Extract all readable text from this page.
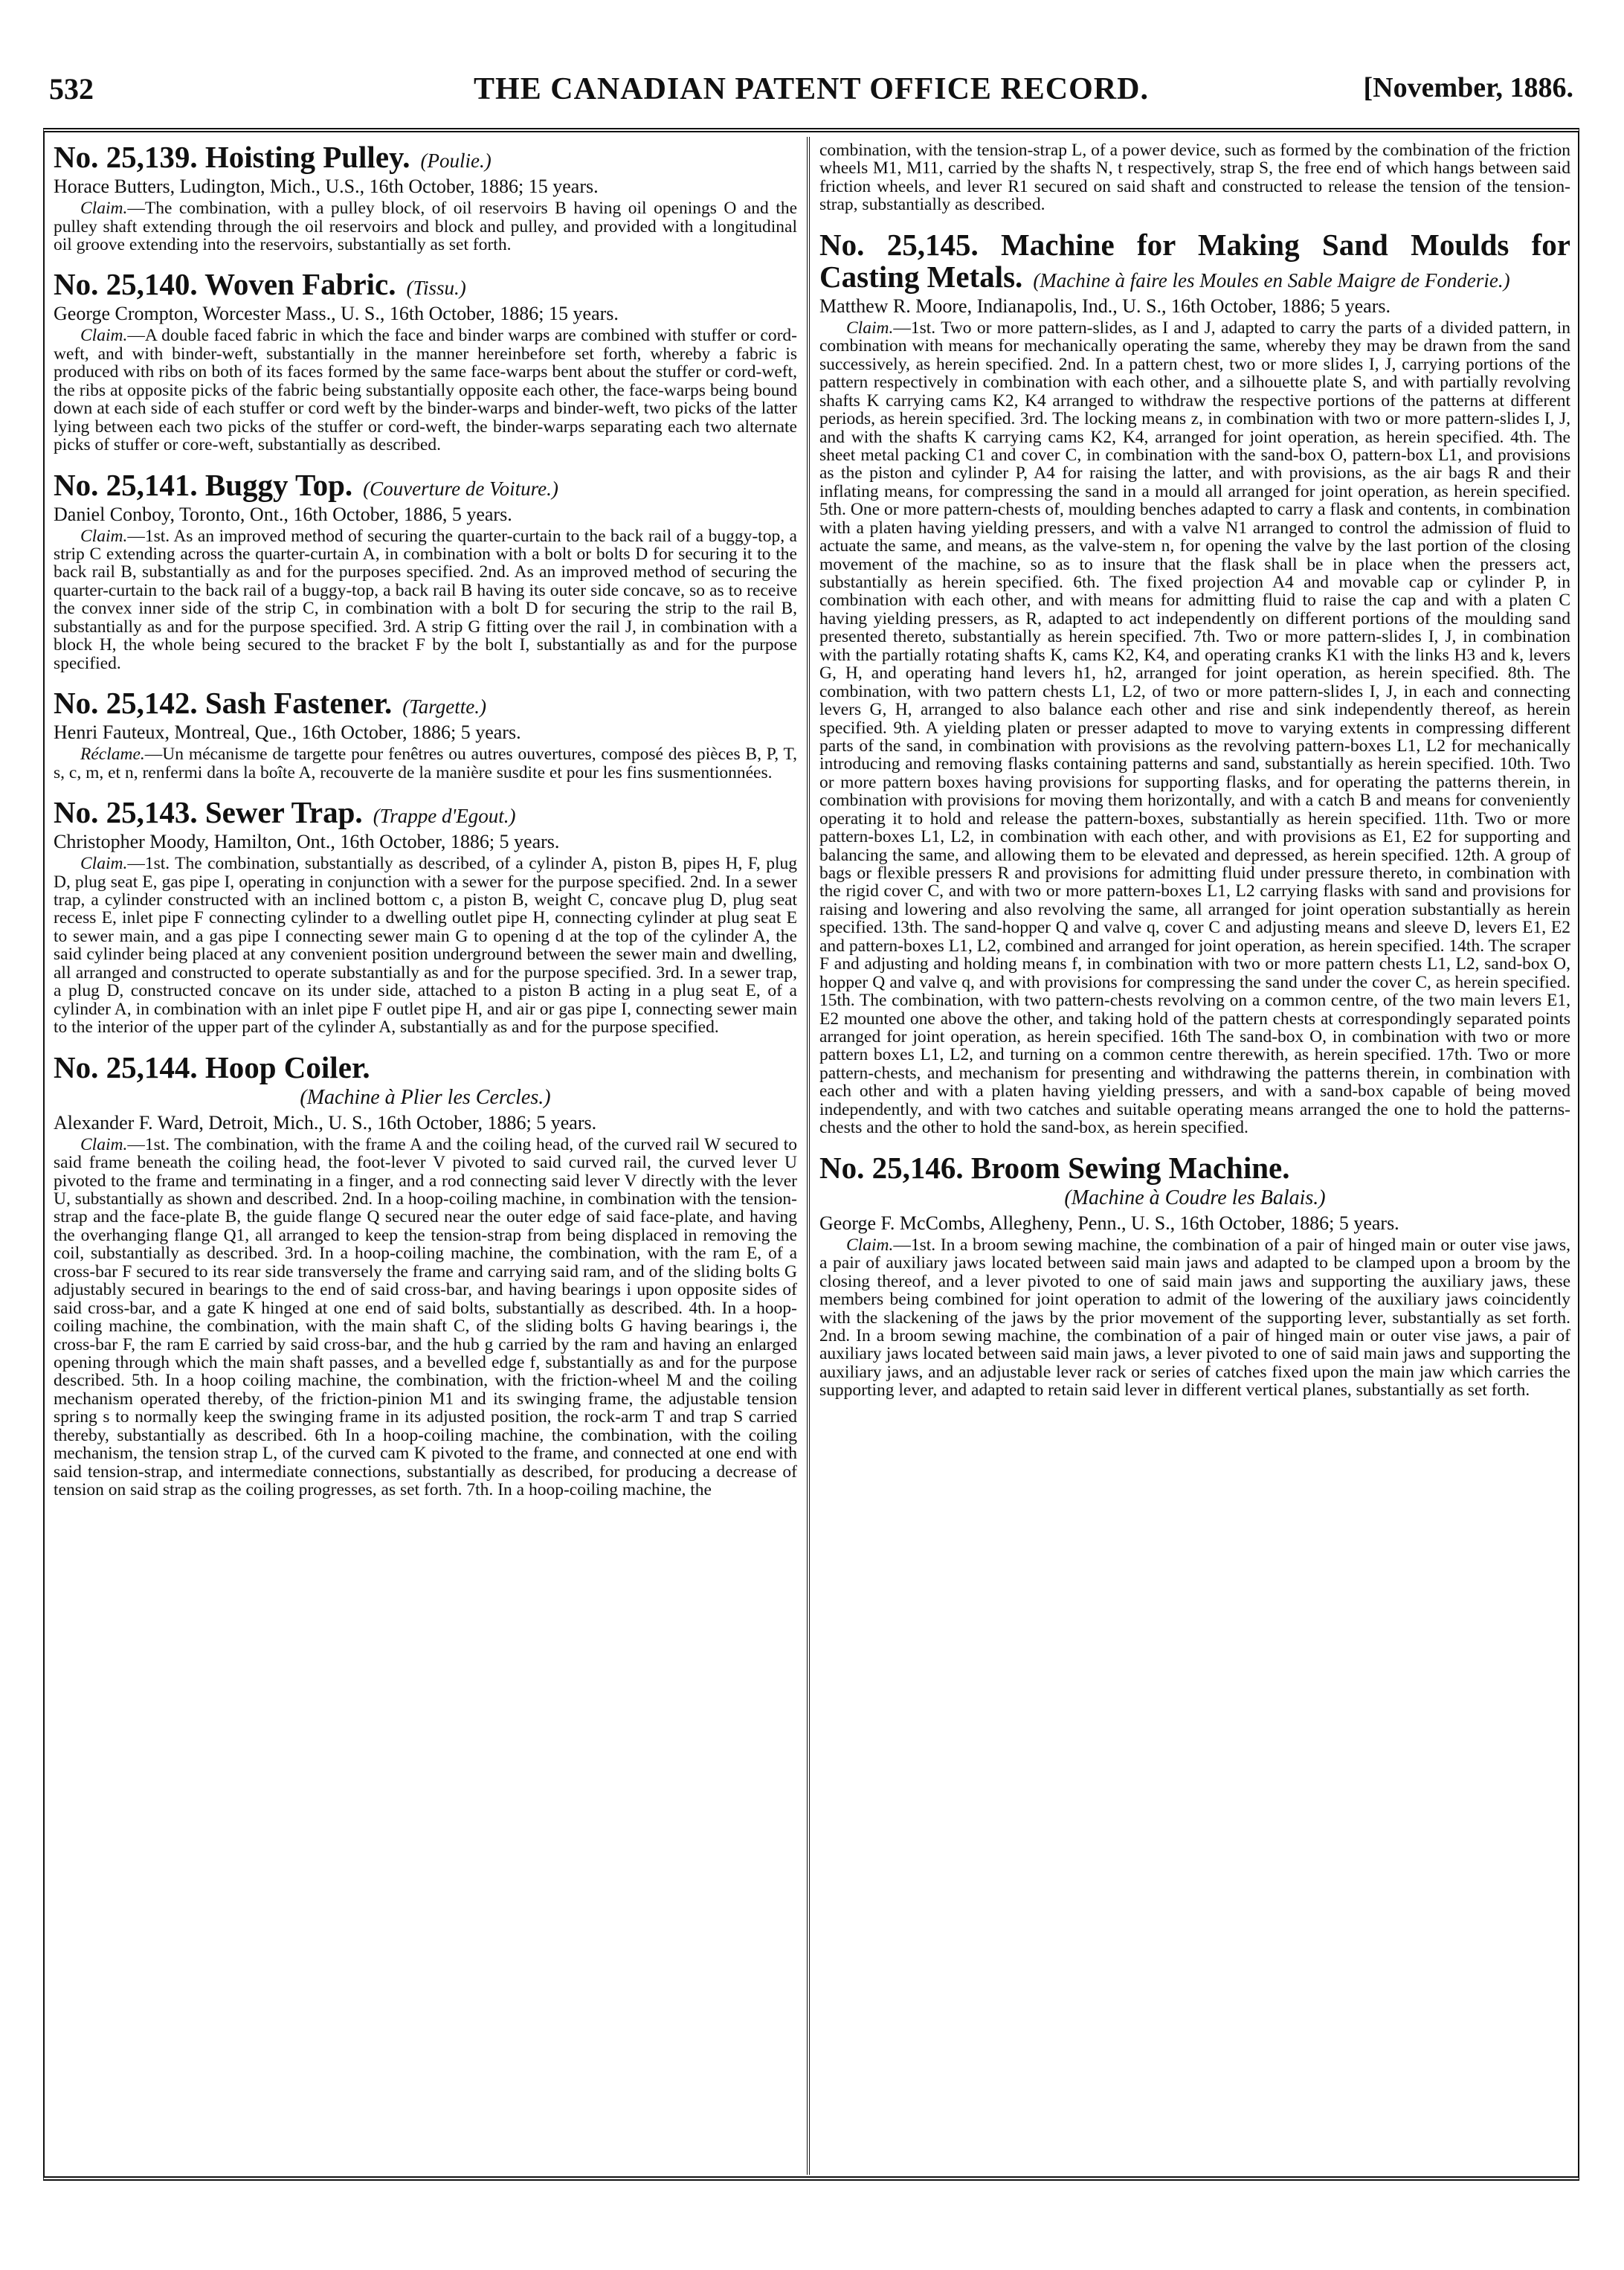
532	THE CANADIAN PATENT OFFICE RECORD.	[November, 1886.
No. 25,139. Hoisting Pulley. (Poulie.)
Horace Butters, Ludington, Mich., U.S., 16th October, 1886; 15 years.
Claim.—The combination, with a pulley block, of oil reservoirs B having oil openings O and the pulley shaft extending through the oil reservoirs and block and pulley, and provided with a longitudinal oil groove extending into the reservoirs, substantially as set forth.
No. 25,140. Woven Fabric. (Tissu.)
George Crompton, Worcester Mass., U. S., 16th October, 1886; 15 years.
Claim.—A double faced fabric in which the face and binder warps are combined with stuffer or cord-weft, and with binder-weft, substantially in the manner hereinbefore set forth, whereby a fabric is produced with ribs on both of its faces formed by the same face-warps bent about the stuffer or cord-weft, the ribs at opposite picks of the fabric being substantially opposite each other, the face-warps being bound down at each side of each stuffer or cord weft by the binder-warps and binder-weft, two picks of the latter lying between each two picks of the stuffer or cord-weft, the binder-warps separating each two alternate picks of stuffer or core-weft, substantially as described.
No. 25,141. Buggy Top. (Couverture de Voiture.)
Daniel Conboy, Toronto, Ont., 16th October, 1886, 5 years.
Claim.—1st. As an improved method of securing the quarter-curtain to the back rail of a buggy-top, a strip C extending across the quarter-curtain A, in combination with a bolt or bolts D for securing it to the back rail B, substantially as and for the purposes specified. 2nd. As an improved method of securing the quarter-curtain to the back rail of a buggy-top, a back rail B having its outer side concave, so as to receive the convex inner side of the strip C, in combination with a bolt D for securing the strip to the rail B, substantially as and for the purpose specified. 3rd. A strip G fitting over the rail J, in combination with a block H, the whole being secured to the bracket F by the bolt I, substantially as and for the purpose specified.
No. 25,142. Sash Fastener. (Targette.)
Henri Fauteux, Montreal, Que., 16th October, 1886; 5 years.
Réclame.—Un mécanisme de targette pour fenêtres ou autres ouvertures, composé des pièces B, P, T, s, c, m, et n, renfermi dans la boîte A, recouverte de la manière susdite et pour les fins susmentionnées.
No. 25,143. Sewer Trap. (Trappe d'Egout.)
Christopher Moody, Hamilton, Ont., 16th October, 1886; 5 years.
Claim.—1st. The combination, substantially as described, of a cylinder A, piston B, pipes H, F, plug D, plug seat E, gas pipe I, operating in conjunction with a sewer for the purpose specified. 2nd. In a sewer trap, a cylinder constructed with an inclined bottom c, a piston B, weight C, concave plug D, plug seat recess E, inlet pipe F connecting cylinder to a dwelling outlet pipe H, connecting cylinder at plug seat E to sewer main, and a gas pipe I connecting sewer main G to opening d at the top of the cylinder A, the said cylinder being placed at any convenient position underground between the sewer main and dwelling, all arranged and constructed to operate substantially as and for the purpose specified. 3rd. In a sewer trap, a plug D, constructed concave on its under side, attached to a piston B acting in a plug seat E, of a cylinder A, in combination with an inlet pipe F outlet pipe H, and air or gas pipe I, connecting sewer main to the interior of the upper part of the cylinder A, substantially as and for the purpose specified.
No. 25,144. Hoop Coiler.
(Machine à Plier les Cercles.)
Alexander F. Ward, Detroit, Mich., U. S., 16th October, 1886; 5 years.
Claim.—1st. The combination, with the frame A and the coiling head, of the curved rail W secured to said frame beneath the coiling head, the foot-lever V pivoted to said curved rail, the curved lever U pivoted to the frame and terminating in a finger, and a rod connecting said lever V directly with the lever U, substantially as shown and described. 2nd. In a hoop-coiling machine, in combination with the tension-strap and the face-plate B, the guide flange Q secured near the outer edge of said face-plate, and having the overhanging flange Q1, all arranged to keep the tension-strap from being displaced in removing the coil, substantially as described. 3rd. In a hoop-coiling machine, the combination, with the ram E, of a cross-bar F secured to its rear side transversely the frame and carrying said ram, and of the sliding bolts G adjustably secured in bearings to the end of said cross-bar, and having bearings i upon opposite sides of said cross-bar, and a gate K hinged at one end of said bolts, substantially as described. 4th. In a hoop-coiling machine, the combination, with the main shaft C, of the sliding bolts G having bearings i, the cross-bar F, the ram E carried by said cross-bar, and the hub g carried by the ram and having an enlarged opening through which the main shaft passes, and a bevelled edge f, substantially as and for the purpose described. 5th. In a hoop coiling machine, the combination, with the friction-wheel M and the coiling mechanism operated thereby, of the friction-pinion M1 and its swinging frame, the adjustable tension spring s to normally keep the swinging frame in its adjusted position, the rock-arm T and trap S carried thereby, substantially as described. 6th In a hoop-coiling machine, the combination, with the coiling mechanism, the tension strap L, of the curved cam K pivoted to the frame, and connected at one end with said tension-strap, and intermediate connections, substantially as described, for producing a decrease of tension on said strap as the coiling progresses, as set forth. 7th. In a hoop-coiling machine, the
combination, with the tension-strap L, of a power device, such as formed by the combination of the friction wheels M1, M11, carried by the shafts N, t respectively, strap S, the free end of which hangs between said friction wheels, and lever R1 secured on said shaft and constructed to release the tension of the tension-strap, substantially as described.
No. 25,145. Machine for Making Sand Moulds for Casting Metals. (Machine à faire les Moules en Sable Maigre de Fonderie.)
Matthew R. Moore, Indianapolis, Ind., U. S., 16th October, 1886; 5 years.
Claim.—1st. Two or more pattern-slides, as I and J, adapted to carry the parts of a divided pattern, in combination with means for mechanically operating the same, whereby they may be drawn from the sand successively, as herein specified. 2nd. In a pattern chest, two or more slides I, J, carrying portions of the pattern respectively in combination with each other, and a silhouette plate S, and with partially revolving shafts K carrying cams K2, K4 arranged to withdraw the respective portions of the patterns at different periods, as herein specified. 3rd. The locking means z, in combination with two or more pattern-slides I, J, and with the shafts K carrying cams K2, K4, arranged for joint operation, as herein specified. 4th. The sheet metal packing C1 and cover C, in combination with the sand-box O, pattern-box L1, and provisions as the piston and cylinder P, A4 for raising the latter, and with provisions, as the air bags R and their inflating means, for compressing the sand in a mould all arranged for joint operation, as herein specified. 5th. One or more pattern-chests of, moulding benches adapted to carry a flask and contents, in combination with a platen having yielding pressers, and with a valve N1 arranged to control the admission of fluid to actuate the same, and means, as the valve-stem n, for opening the valve by the last portion of the closing movement of the machine, so as to insure that the flask shall be in place when the pressers act, substantially as herein specified. 6th. The fixed projection A4 and movable cap or cylinder P, in combination with each other, and with means for admitting fluid to raise the cap and with a platen C having yielding pressers, as R, adapted to act independently on different portions of the moulding sand presented thereto, substantially as herein specified. 7th. Two or more pattern-slides I, J, in combination with the partially rotating shafts K, cams K2, K4, and operating cranks K1 with the links H3 and k, levers G, H, and operating hand levers h1, h2, arranged for joint operation, as herein specified. 8th. The combination, with two pattern chests L1, L2, of two or more pattern-slides I, J, in each and connecting levers G, H, arranged to also balance each other and rise and sink independently thereof, as herein specified. 9th. A yielding platen or presser adapted to move to varying extents in compressing different parts of the sand, in combination with provisions as the revolving pattern-boxes L1, L2 for mechanically introducing and removing flasks containing patterns and sand, substantially as herein specified. 10th. Two or more pattern boxes having provisions for supporting flasks, and for operating the patterns therein, in combination with provisions for moving them horizontally, and with a catch B and means for conveniently operating it to hold and release the pattern-boxes, substantially as herein specified. 11th. Two or more pattern-boxes L1, L2, in combination with each other, and with provisions as E1, E2 for supporting and balancing the same, and allowing them to be elevated and depressed, as herein specified. 12th. A group of bags or flexible pressers R and provisions for admitting fluid under pressure thereto, in combination with the rigid cover C, and with two or more pattern-boxes L1, L2 carrying flasks with sand and provisions for raising and lowering and also revolving the same, all arranged for joint operation substantially as herein specified. 13th. The sand-hopper Q and valve q, cover C and adjusting means and sleeve D, levers E1, E2 and pattern-boxes L1, L2, combined and arranged for joint operation, as herein specified. 14th. The scraper F and adjusting and holding means f, in combination with two or more pattern chests L1, L2, sand-box O, hopper Q and valve q, and with provisions for compressing the sand under the cover C, as herein specified. 15th. The combination, with two pattern-chests revolving on a common centre, of the two main levers E1, E2 mounted one above the other, and taking hold of the pattern chests at correspondingly separated points arranged for joint operation, as herein specified. 16th The sand-box O, in combination with two or more pattern boxes L1, L2, and turning on a common centre therewith, as herein specified. 17th. Two or more pattern-chests, and mechanism for presenting and withdrawing the patterns therein, in combination with each other and with a platen having yielding pressers, and with a sand-box capable of being moved independently, and with two catches and suitable operating means arranged the one to hold the patterns-chests and the other to hold the sand-box, as herein specified.
No. 25,146. Broom Sewing Machine.
(Machine à Coudre les Balais.)
George F. McCombs, Allegheny, Penn., U. S., 16th October, 1886; 5 years.
Claim.—1st. In a broom sewing machine, the combination of a pair of hinged main or outer vise jaws, a pair of auxiliary jaws located between said main jaws and adapted to be clamped upon a broom by the closing thereof, and a lever pivoted to one of said main jaws and supporting the auxiliary jaws, these members being combined for joint operation to admit of the lowering of the auxiliary jaws coincidently with the slackening of the jaws by the prior movement of the supporting lever, substantially as set forth. 2nd. In a broom sewing machine, the combination of a pair of hinged main or outer vise jaws, a pair of auxiliary jaws located between said main jaws, a lever pivoted to one of said main jaws and supporting the auxiliary jaws, and an adjustable lever rack or series of catches fixed upon the main jaw which carries the supporting lever, and adapted to retain said lever in different vertical planes, substantially as set forth.
